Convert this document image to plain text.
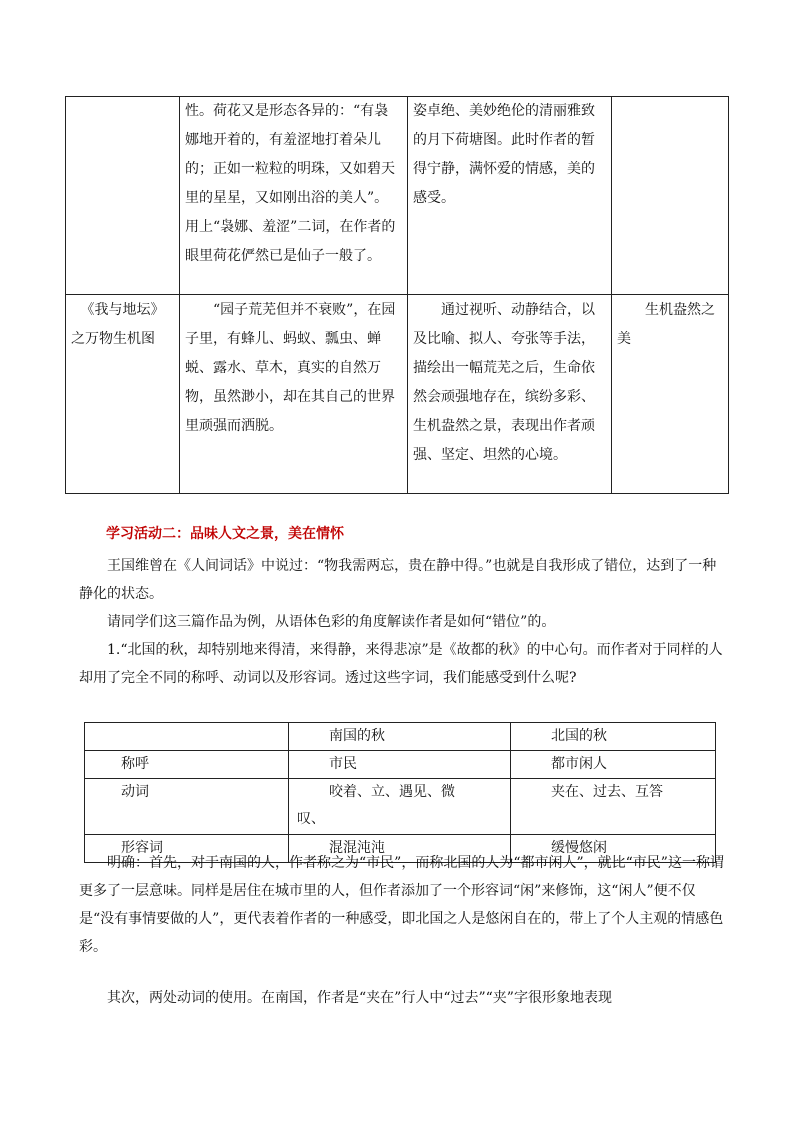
	性。荷花又是形态各异的：“有袅娜地开着的，有羞涩地打着朵儿的；正如一粒粒的明珠，又如碧天里的星星，又如刚出浴的美人”。用上“袅娜、羞涩”二词，在作者的眼里荷花俨然已是仙子一般了。	姿卓绝、美妙绝伦的清丽雅致的月下荷塘图。此时作者的暂得宁静，满怀爱的情感，美的感受。	

《我与地坛》
之万物生机图	“园子荒芜但并不衰败”，在园子里，有蜂儿、蚂蚁、瓢虫、蝉蜕、露水、草木，真实的自然万物，虽然渺小，却在其自己的世界里顽强而洒脱。	通过视听、动静结合，以及比喻、拟人、夸张等手法，描绘出一幅荒芜之后，生命依然会顽强地存在，缤纷多彩、生机盎然之景，表现出作者顽强、坚定、坦然的心境。	生机盎然之美
学习活动二：品味人文之景，美在情怀

王国维曾在《人间词话》中说过：“物我需两忘，贵在静中得。”也就是自我形成了错位，达到了一种静化的状态。

请同学们这三篇作品为例，从语体色彩的角度解读作者是如何“错位”的。

1.“北国的秋，却特别地来得清，来得静，来得悲凉”是《故都的秋》的中心句。而作者对于同样的人却用了完全不同的称呼、动词以及形容词。透过这些字词，我们能感受到什么呢?

	南国的秋	北国的秋
称呼	市民	都市闲人
动词	咬着、立、遇见、微叹、	夹在、过去、互答
形容词	混混沌沌	缓慢悠闲

明确：首先，对于南国的人，作者称之为“市民”，而称北国的人为“都市闲人”，就比“市民”这一称谓更多了一层意味。同样是居住在城市里的人，但作者添加了一个形容词“闲”来修饰，这“闲人”便不仅是“没有事情要做的人”，更代表着作者的一种感受，即北国之人是悠闲自在的，带上了个人主观的情感色彩。

其次，两处动词的使用。在南国，作者是“夹在”行人中“过去”“夹”字很形象地表现
